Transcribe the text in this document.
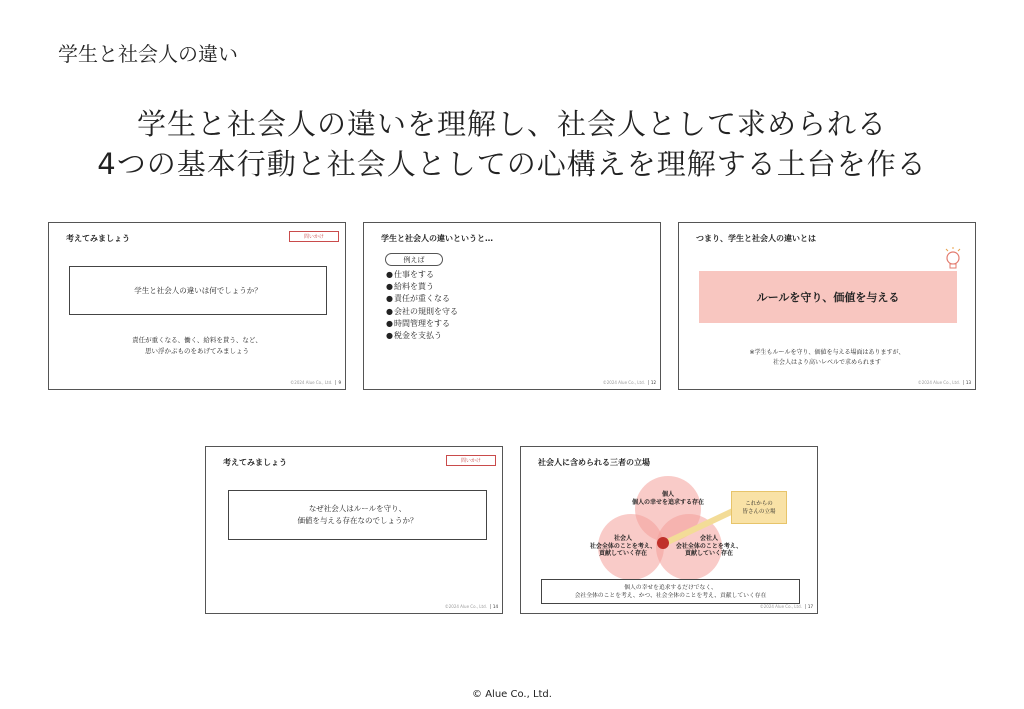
学生と社会人の違い
学生と社会人の違いを理解し、社会人として求められる
4つの基本行動と社会人としての心構えを理解する土台を作る
考えてみましょう	問いかけ
学生と社会人の違いは何でしょうか？
責任が重くなる、働く、給料を貰う、など、
思い浮かぶものをあげてみましょう
©2024 Alue Co., Ltd. 9
学生と社会人の違いというと…
例えば
● 仕事をする
● 給料を貰う
● 責任が重くなる
● 会社の規則を守る
● 時間管理をする
● 税金を支払う
©2024 Alue Co., Ltd. 12
つまり、学生と社会人の違いとは
ルールを守り、価値を与える
※学生もルールを守り、価値を与える場面はありますが、
社会人はより高いレベルで求められます
©2024 Alue Co., Ltd. 13
考えてみましょう	問いかけ
なぜ社会人はルールを守り、
価値を与える存在なのでしょうか？
©2024 Alue Co., Ltd. 14
社会人に含められる三者の立場
これからの
皆さんの立場
個人
個人の幸せを追求する存在
社会人
社会全体のことを考え、
貢献していく存在
会社人
会社全体のことを考え、
貢献していく存在
個人の幸せを追求するだけでなく、
会社全体のことを考え、かつ、社会全体のことを考え、貢献していく存在
©2024 Alue Co., Ltd. 17
© Alue Co., Ltd.
